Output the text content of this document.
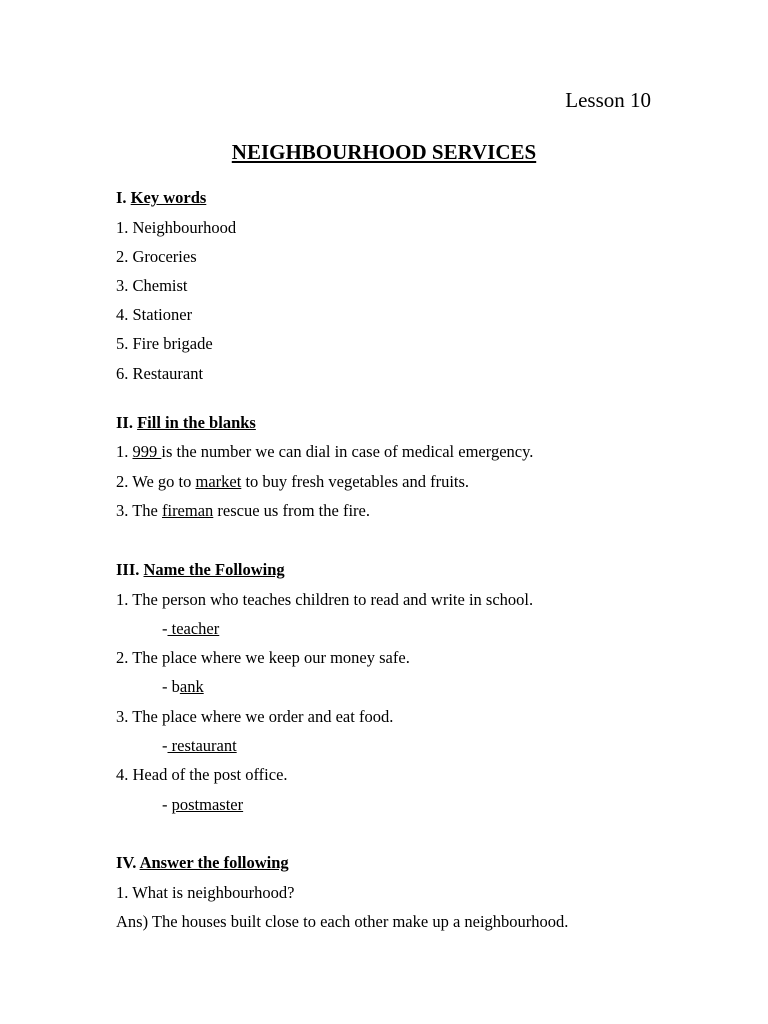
Lesson 10
NEIGHBOURHOOD SERVICES
I. Key words
1. Neighbourhood
2. Groceries
3. Chemist
4. Stationer
5. Fire brigade
6. Restaurant
II. Fill in the blanks
1. 999 is the number we can dial in case of medical emergency.
2. We go to market to buy fresh vegetables and fruits.
3. The fireman rescue us from the fire.
III. Name the Following
1. The person who teaches children to read and write in school.
- teacher
2. The place where we keep our money safe.
- bank
3. The place where we order and eat food.
- restaurant
4. Head of the post office.
- postmaster
IV. Answer the following
1. What is neighbourhood?
Ans) The houses built close to each other make up a neighbourhood.
